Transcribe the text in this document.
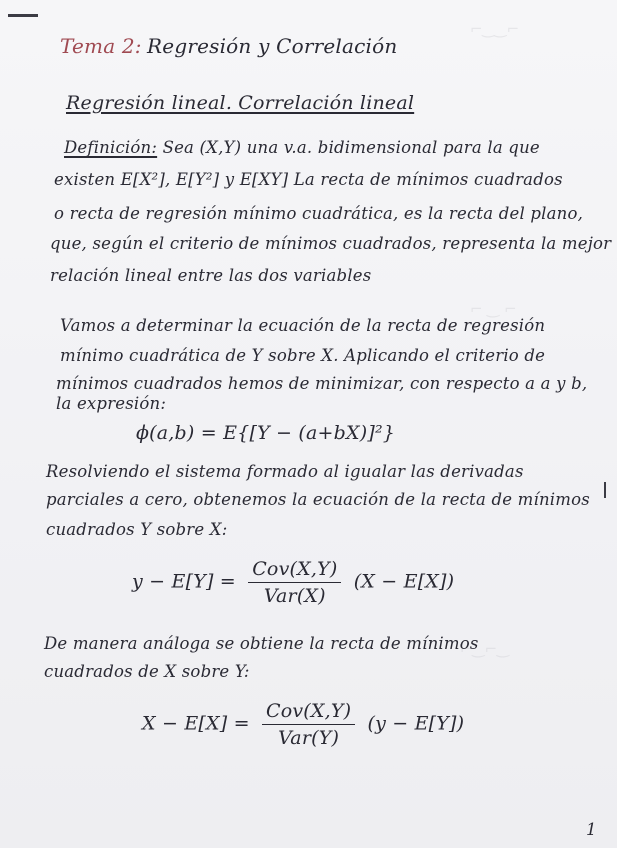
⌐‿‿⌐
⌐ ‿ ⌐
⌐‿⌐‿
Tema 2: Regresión y Correlación
Regresión lineal. Correlación lineal
Definición: Sea (X,Y) una v.a. bidimensional para la que
existen E[X²], E[Y²] y E[XY] La recta de mínimos cuadrados
o recta de regresión mínimo cuadrática, es la recta del plano,
que, según el criterio de mínimos cuadrados, representa la mejor
relación lineal entre las dos variables
Vamos a determinar la ecuación de la recta de regresión
mínimo cuadrática de Y sobre X. Aplicando el criterio de
mínimos cuadrados hemos de minimizar, con respecto a a y b,
la expresión:
ϕ(a,b) = E{[Y − (a+bX)]²}
Resolviendo el sistema formado al igualar las derivadas
parciales a cero, obtenemos la ecuación de la recta de mínimos
cuadrados Y sobre X:
$y - E[Y] = \frac{\text{Cov(X,Y)}}{\text{Var(X)}} (X - E[X])$
De manera análoga se obtiene la recta de mínimos
cuadrados de X sobre Y:
$X - E[X] = \frac{\text{Cov(X,Y)}}{\text{Var(Y)}} (y - E[Y])$
1
